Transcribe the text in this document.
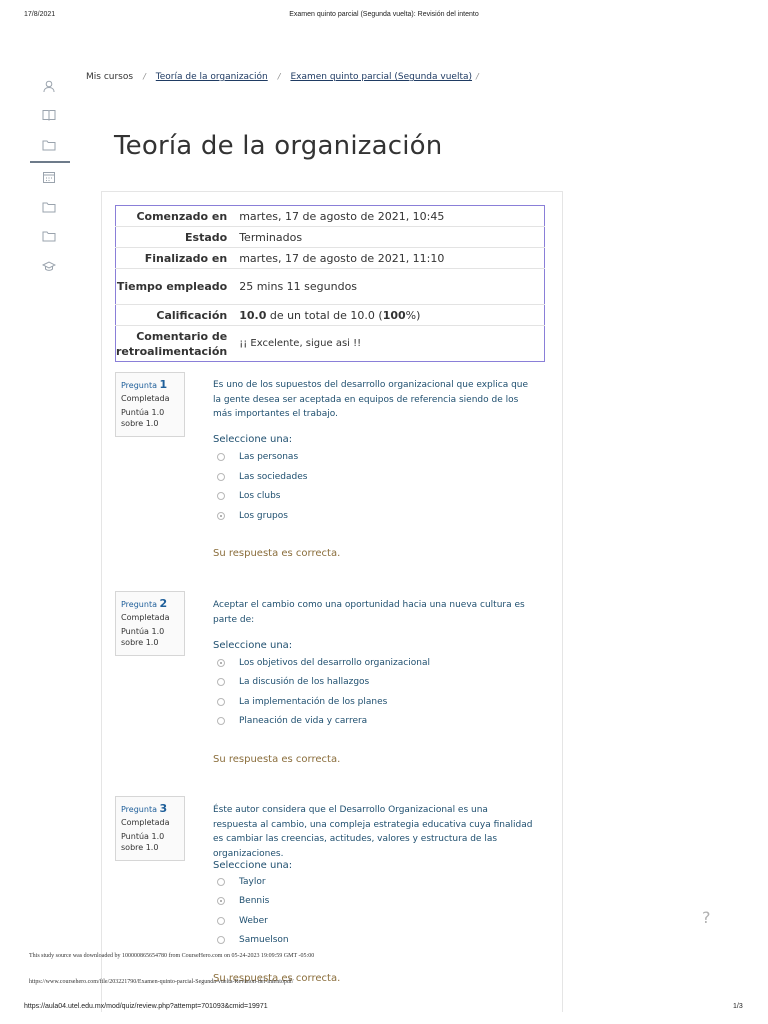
17/8/2021	Examen quinto parcial (Segunda vuelta): Revisión del intento
Mis cursos / Teoría de la organización / Examen quinto parcial (Segunda vuelta) /
Teoría de la organización
Comenzado en	martes, 17 de agosto de 2021, 10:45
Estado	Terminados
Finalizado en	martes, 17 de agosto de 2021, 11:10
Tiempo empleado	25 mins 11 segundos
Calificación	10.0 de un total de 10.0 (100%)
Comentario de retroalimentación	¡¡ Excelente, sigue asi !!
Pregunta 1
Completada
Puntúa 1.0
sobre 1.0
Es uno de los supuestos del desarrollo organizacional que explica que la gente desea ser aceptada en equipos de referencia siendo de los más importantes el trabajo.
Seleccione una:
Las personas
Las sociedades
Los clubs
Los grupos
Su respuesta es correcta.
Pregunta 2
Completada
Puntúa 1.0
sobre 1.0
Aceptar el cambio como una oportunidad hacia una nueva cultura es parte de:
Seleccione una:
Los objetivos del desarrollo organizacional
La discusión de los hallazgos
La implementación de los planes
Planeación de vida y carrera
Su respuesta es correcta.
Pregunta 3
Completada
Puntúa 1.0
sobre 1.0
Éste autor considera que el Desarrollo Organizacional es una respuesta al cambio, una compleja estrategia educativa cuya finalidad es cambiar las creencias, actitudes, valores y estructura de las organizaciones.
Seleccione una:
Taylor
Bennis
Weber
Samuelson
Su respuesta es correcta.
?
This study source was downloaded by 100000865654780 from CourseHero.com on 05-24-2023 19:09:59 GMT -05:00
https://www.coursehero.com/file/203221790/Examen-quinto-parcial-Segunda-vuelta-Revision-del-intentopdf/
https://aula04.utel.edu.mx/mod/quiz/review.php?attempt=701093&cmid=19971	1/3
